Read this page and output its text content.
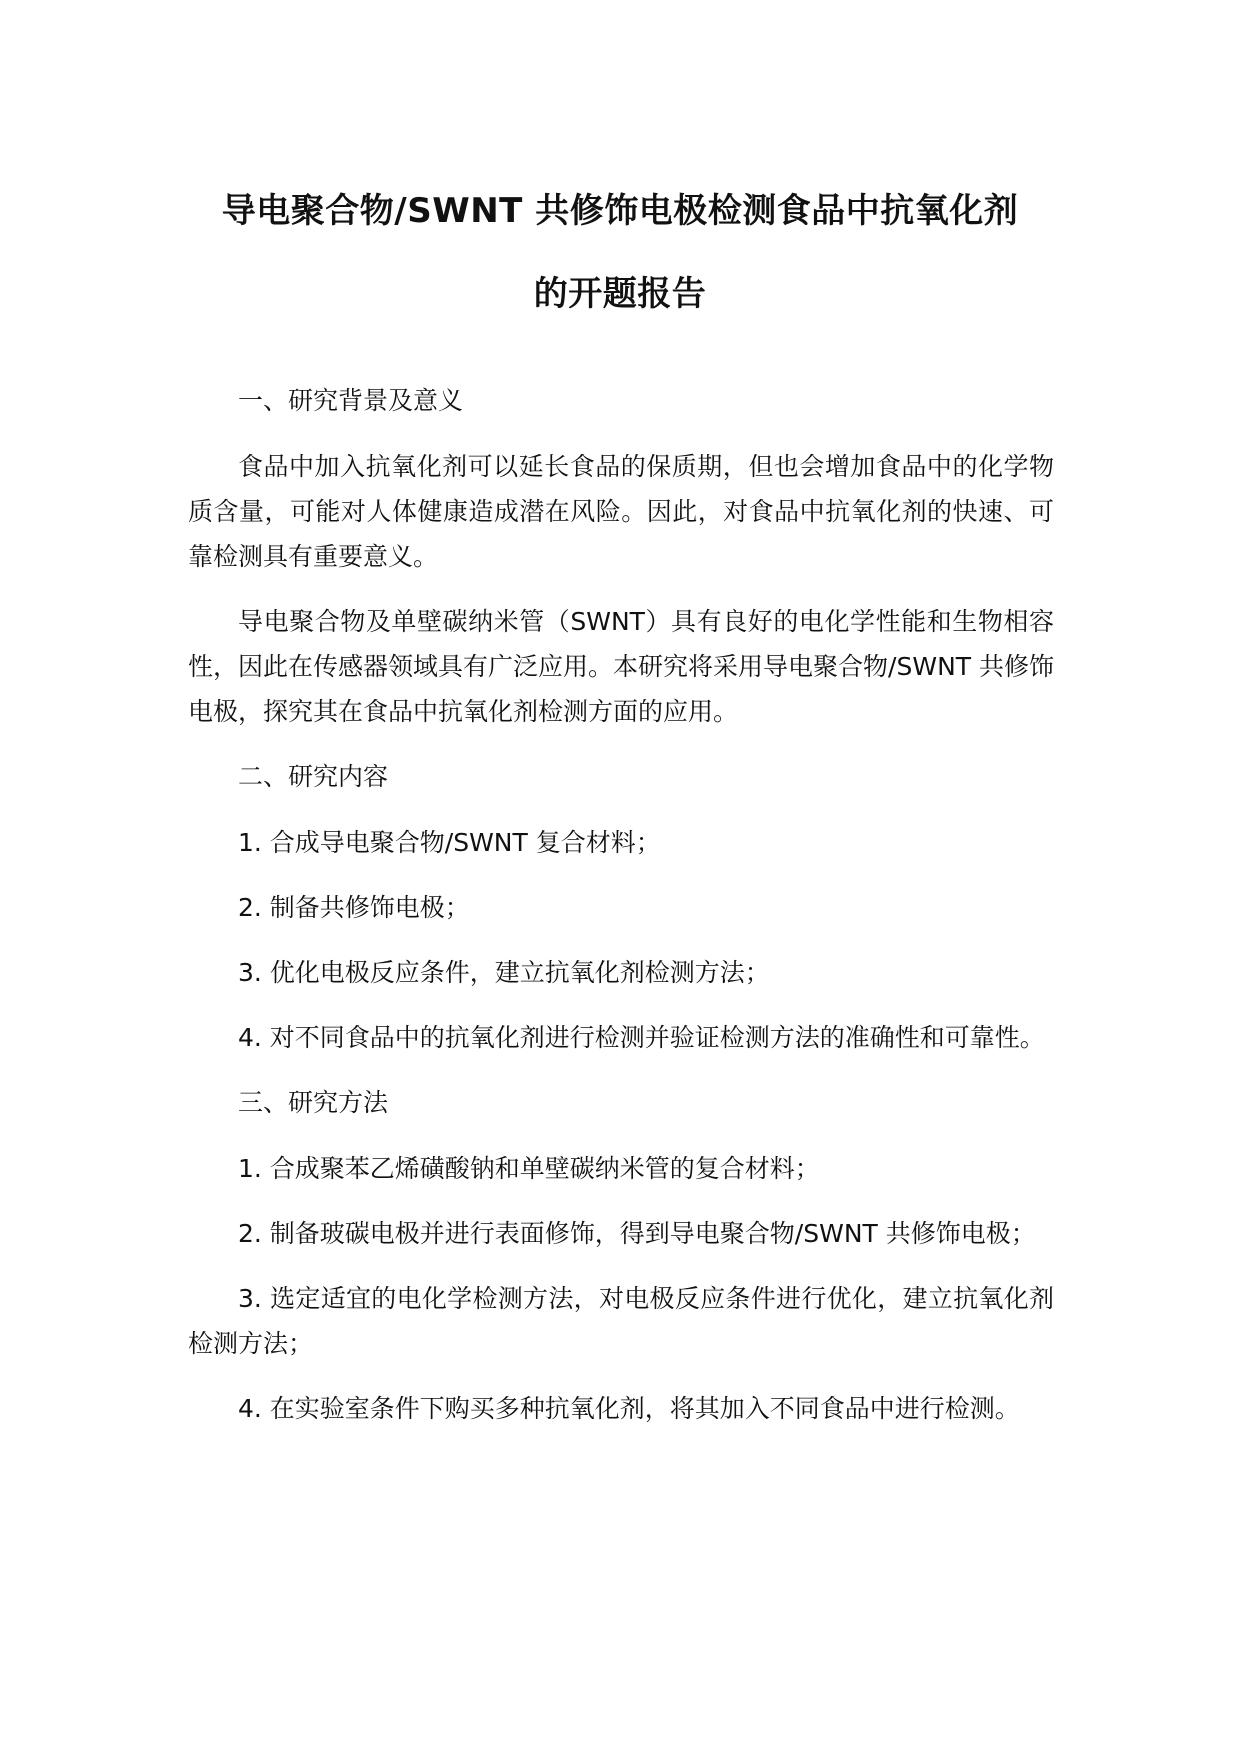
导电聚合物/SWNT 共修饰电极检测食品中抗氧化剂
的开题报告

一、研究背景及意义

食品中加入抗氧化剂可以延长食品的保质期，但也会增加食品中的化学物质含量，可能对人体健康造成潜在风险。因此，对食品中抗氧化剂的快速、可靠检测具有重要意义。

导电聚合物及单壁碳纳米管（SWNT）具有良好的电化学性能和生物相容性，因此在传感器领域具有广泛应用。本研究将采用导电聚合物/SWNT 共修饰电极，探究其在食品中抗氧化剂检测方面的应用。

二、研究内容

1. 合成导电聚合物/SWNT 复合材料；

2. 制备共修饰电极；

3. 优化电极反应条件，建立抗氧化剂检测方法；

4. 对不同食品中的抗氧化剂进行检测并验证检测方法的准确性和可靠性。

三、研究方法

1. 合成聚苯乙烯磺酸钠和单壁碳纳米管的复合材料；

2. 制备玻碳电极并进行表面修饰，得到导电聚合物/SWNT 共修饰电极；

3. 选定适宜的电化学检测方法，对电极反应条件进行优化，建立抗氧化剂检测方法；

4. 在实验室条件下购买多种抗氧化剂，将其加入不同食品中进行检测。
